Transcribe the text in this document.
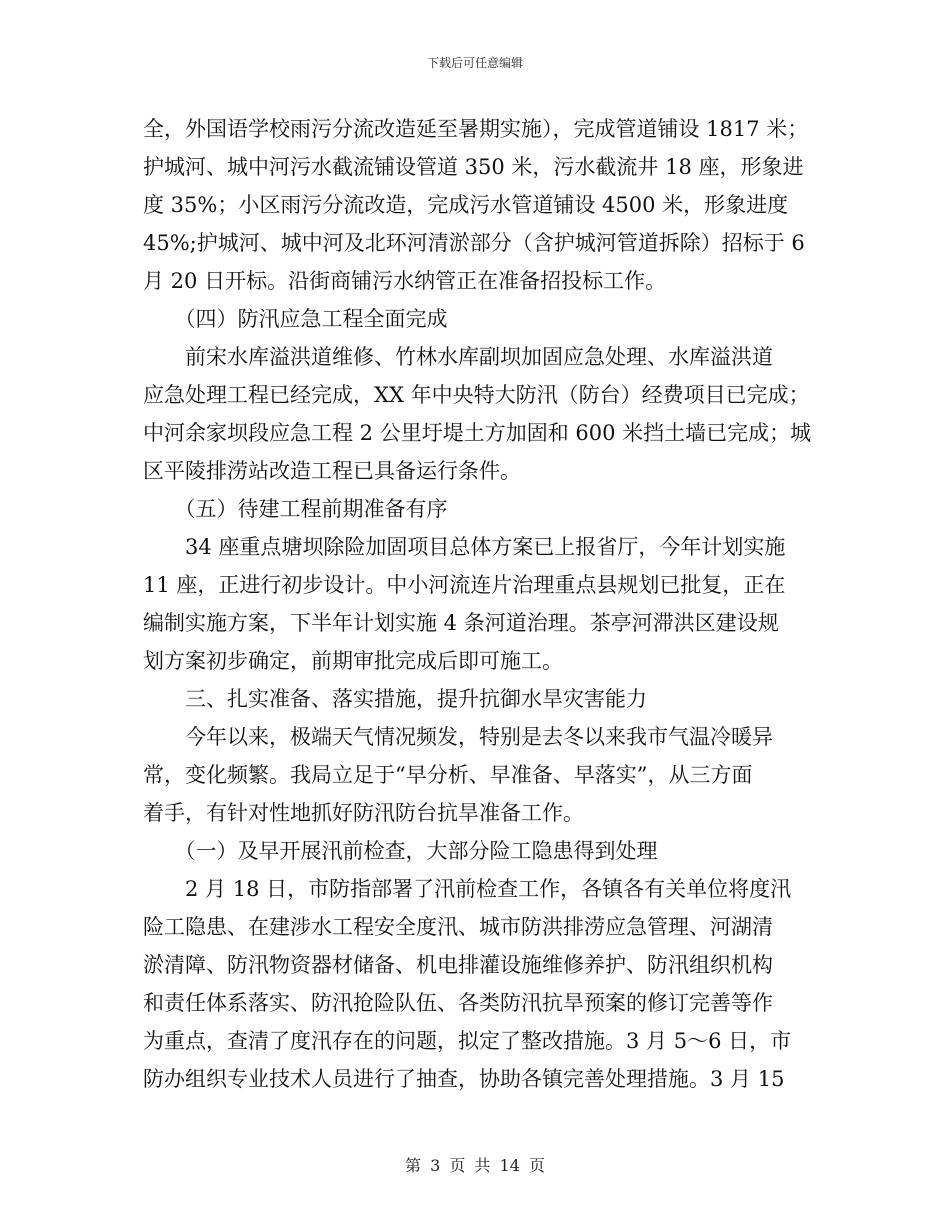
下载后可任意编辑
全，外国语学校雨污分流改造延至暑期实施），完成管道铺设 1817 米；
护城河、城中河污水截流铺设管道 350 米，污水截流井 18 座，形象进
度 35%；小区雨污分流改造，完成污水管道铺设 4500 米，形象进度
45%;护城河、城中河及北环河清淤部分（含护城河管道拆除）招标于 6
月 20 日开标。沿街商铺污水纳管正在准备招投标工作。
　　（四）防汛应急工程全面完成
　　前宋水库溢洪道维修、竹林水库副坝加固应急处理、水库溢洪道
应急处理工程已经完成，XX 年中央特大防汛（防台）经费项目已完成；
中河余家坝段应急工程 2 公里圩堤土方加固和 600 米挡土墙已完成；城
区平陵排涝站改造工程已具备运行条件。
　　（五）待建工程前期准备有序
　　34 座重点塘坝除险加固项目总体方案已上报省厅，今年计划实施
11 座，正进行初步设计。中小河流连片治理重点县规划已批复，正在
编制实施方案，下半年计划实施 4 条河道治理。茶亭河滞洪区建设规
划方案初步确定，前期审批完成后即可施工。
　　三、扎实准备、落实措施，提升抗御水旱灾害能力
　　今年以来，极端天气情况频发，特别是去冬以来我市气温冷暖异
常，变化频繁。我局立足于“早分析、早准备、早落实”，从三方面
着手，有针对性地抓好防汛防台抗旱准备工作。
　　（一）及早开展汛前检查，大部分险工隐患得到处理
　　2 月 18 日，市防指部署了汛前检查工作，各镇各有关单位将度汛
险工隐患、在建涉水工程安全度汛、城市防洪排涝应急管理、河湖清
淤清障、防汛物资器材储备、机电排灌设施维修养护、防汛组织机构
和责任体系落实、防汛抢险队伍、各类防汛抗旱预案的修订完善等作
为重点，查清了度汛存在的问题，拟定了整改措施。3 月 5～6 日，市
防办组织专业技术人员进行了抽查，协助各镇完善处理措施。3 月 15
第 3 页 共 14 页
